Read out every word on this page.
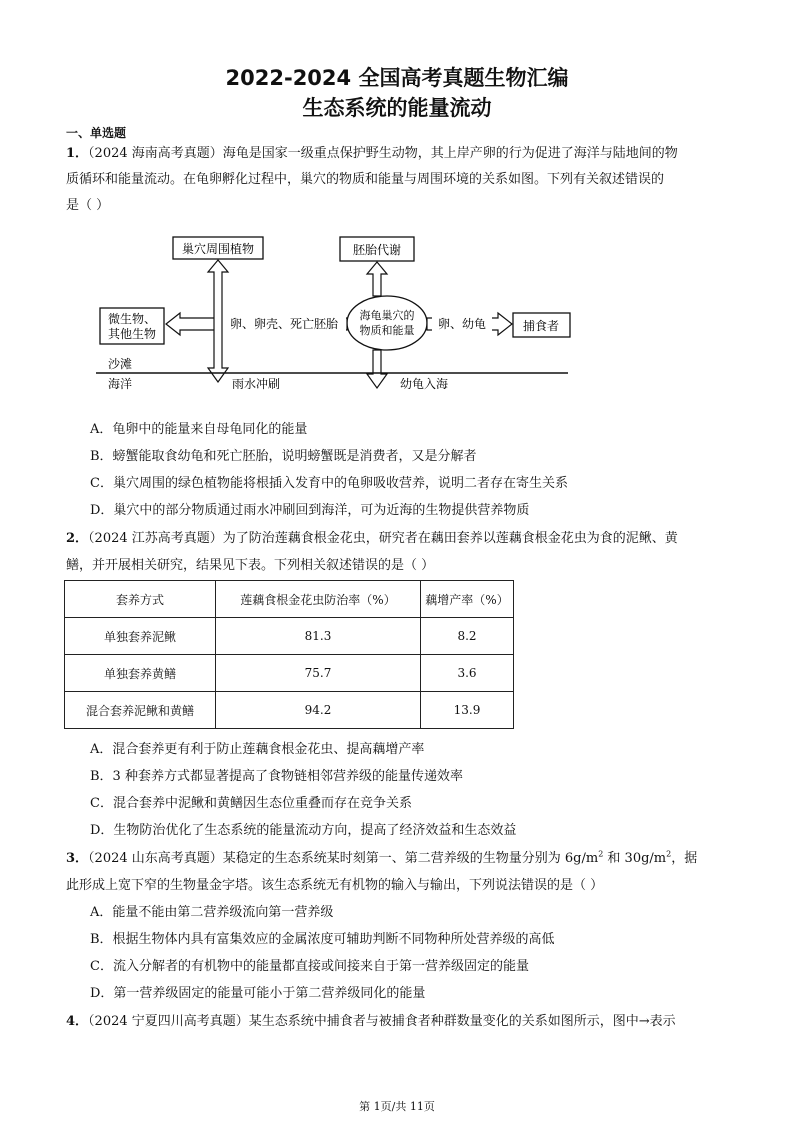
2022-2024 全国高考真题生物汇编
生态系统的能量流动
一、单选题
1．（2024 海南高考真题）海龟是国家一级重点保护野生动物，其上岸产卵的行为促进了海洋与陆地间的物
质循环和能量流动。在龟卵孵化过程中，巢穴的物质和能量与周围环境的关系如图。下列有关叙述错误的
是（ ）
巢穴周围植物	胚胎代谢
微生物、
其他生物
捕食者
海龟巢穴的
物质和能量
卵、卵壳、死亡胚胎	卵、幼龟
沙滩
海洋	雨水冲刷	幼龟入海
A．龟卵中的能量来自母龟同化的能量
B．螃蟹能取食幼龟和死亡胚胎，说明螃蟹既是消费者，又是分解者
C．巢穴周围的绿色植物能将根插入发育中的龟卵吸收营养，说明二者存在寄生关系
D．巢穴中的部分物质通过雨水冲刷回到海洋，可为近海的生物提供营养物质
2．（2024 江苏高考真题）为了防治莲藕食根金花虫，研究者在藕田套养以莲藕食根金花虫为食的泥鳅、黄
鳝，并开展相关研究，结果见下表。下列相关叙述错误的是（ ）
套养方式	莲藕食根金花虫防治率（%）	藕增产率（%）
单独套养泥鳅	81.3	8.2
单独套养黄鳝	75.7	3.6
混合套养泥鳅和黄鳝	94.2	13.9
A．混合套养更有利于防止莲藕食根金花虫、提高藕增产率
B．3 种套养方式都显著提高了食物链相邻营养级的能量传递效率
C．混合套养中泥鳅和黄鳝因生态位重叠而存在竞争关系
D．生物防治优化了生态系统的能量流动方向，提高了经济效益和生态效益
3．（2024 山东高考真题）某稳定的生态系统某时刻第一、第二营养级的生物量分别为 $6g/m^2$ 和 $30g/m^2$，据
此形成上宽下窄的生物量金字塔。该生态系统无有机物的输入与输出，下列说法错误的是（ ）
A．能量不能由第二营养级流向第一营养级
B．根据生物体内具有富集效应的金属浓度可辅助判断不同物种所处营养级的高低
C．流入分解者的有机物中的能量都直接或间接来自于第一营养级固定的能量
D．第一营养级固定的能量可能小于第二营养级同化的能量
4．（2024 宁夏四川高考真题）某生态系统中捕食者与被捕食者种群数量变化的关系如图所示，图中→表示
第 1页/共 11页
